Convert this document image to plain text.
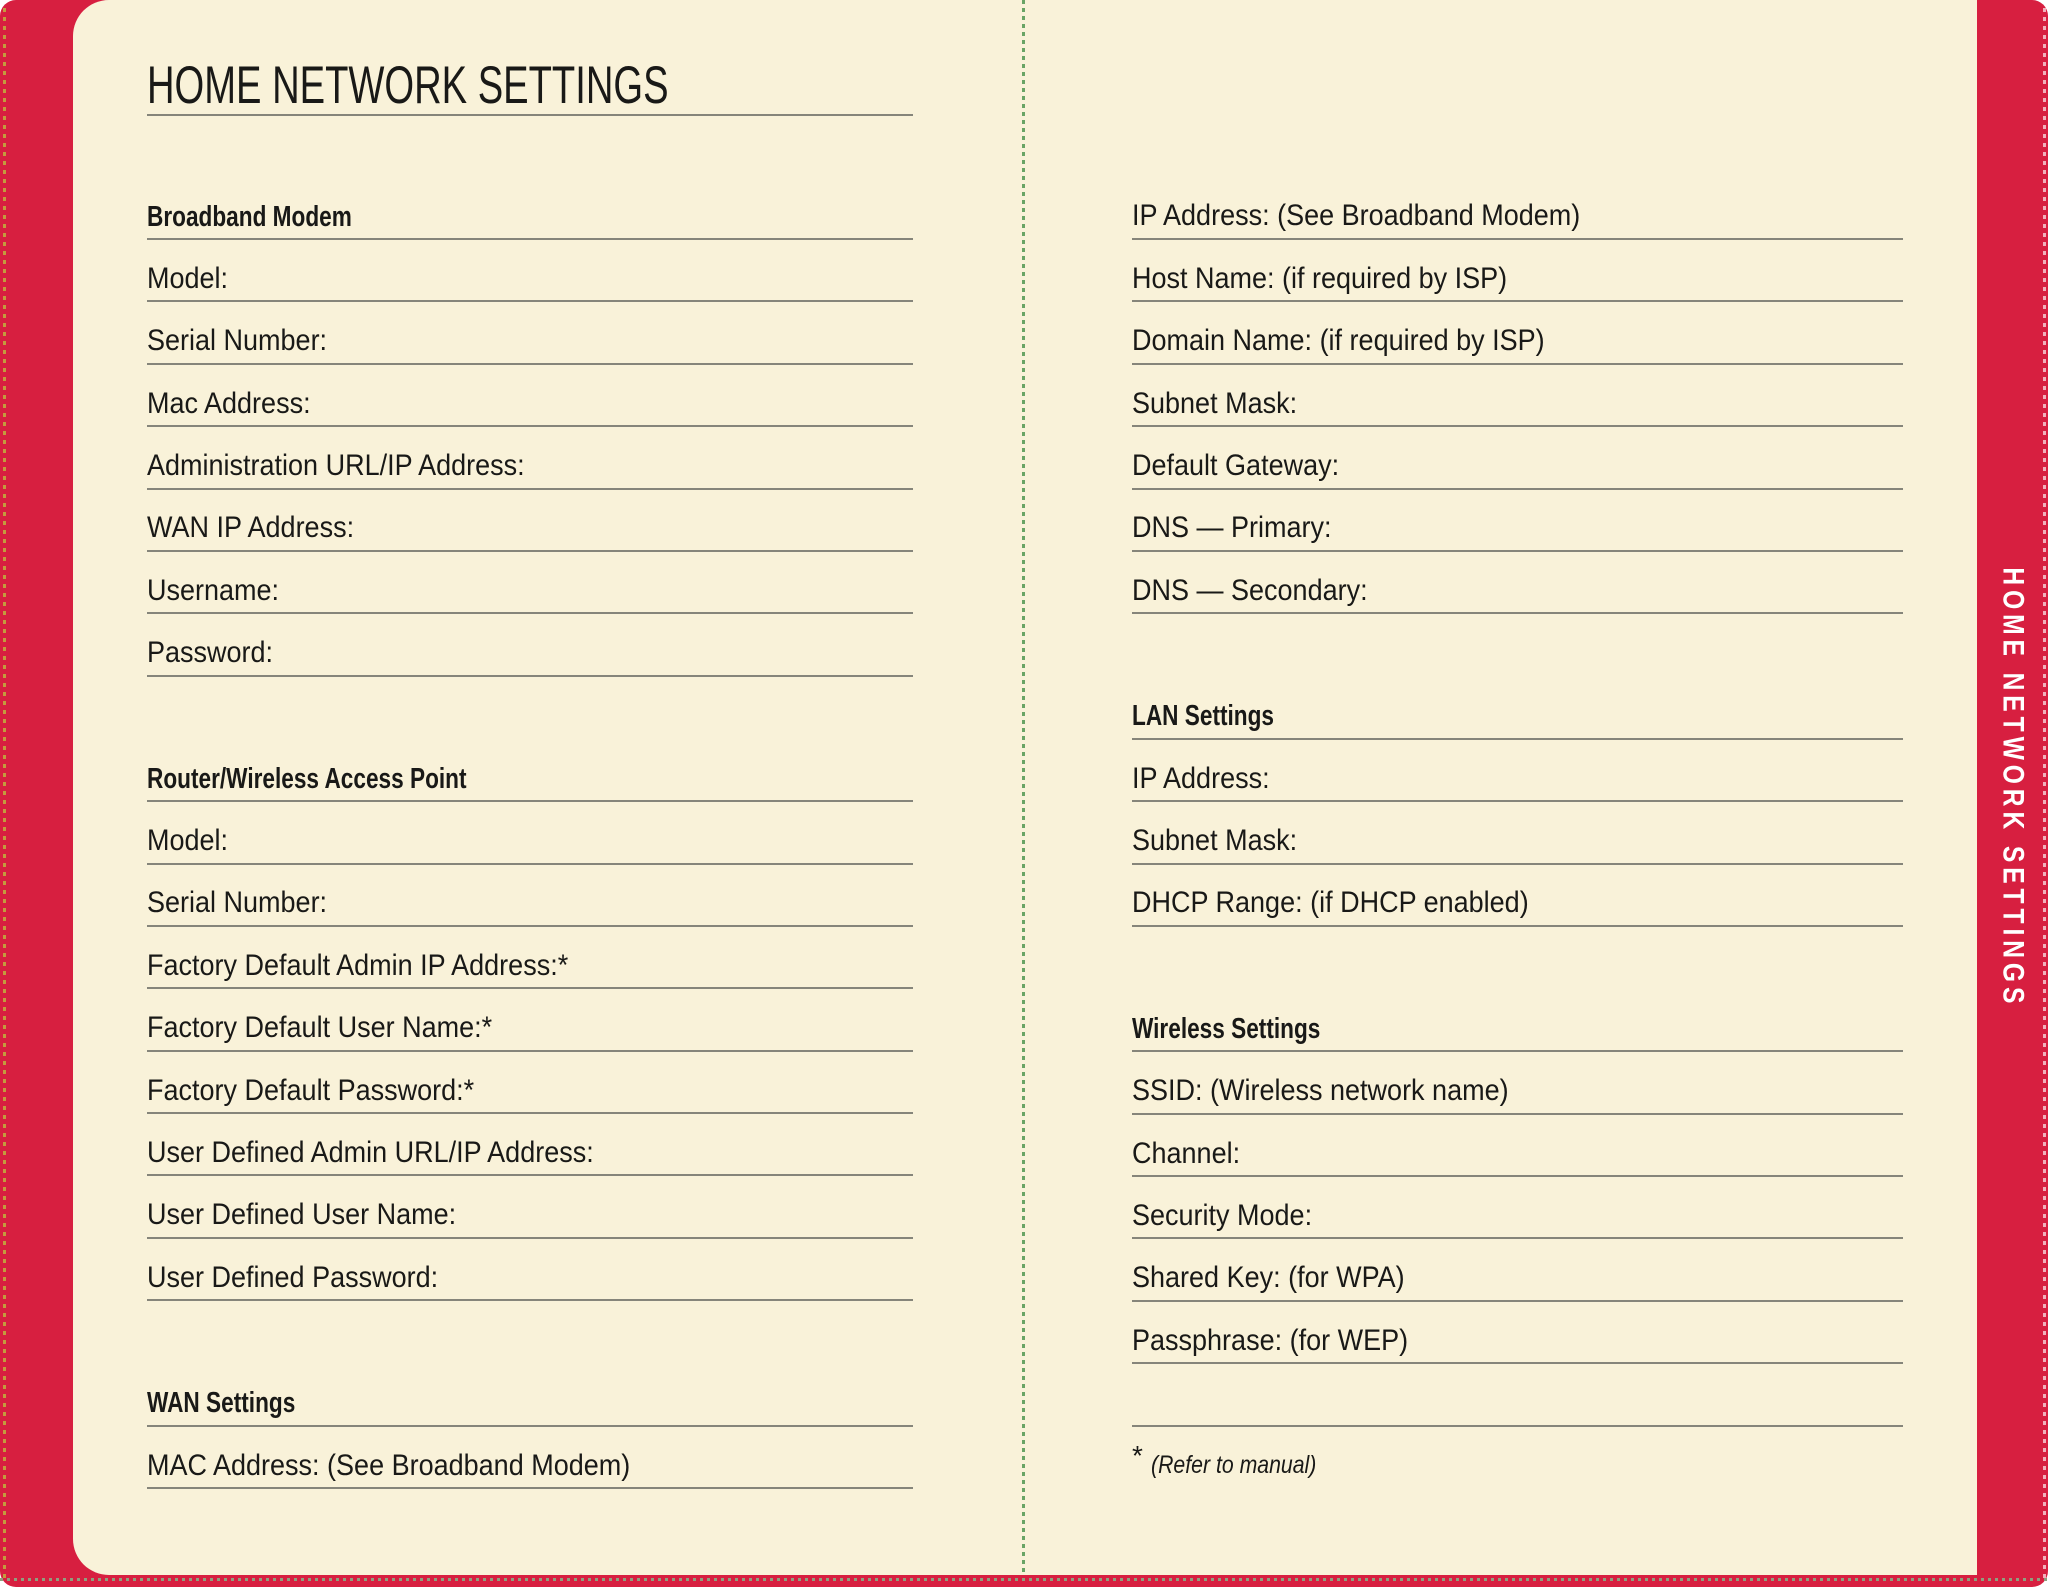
HOME NETWORK SETTINGS
Broadband Modem
Model:
Serial Number:
Mac Address:
Administration URL/IP Address:
WAN IP Address:
Username:
Password:
Router/Wireless Access Point
Model:
Serial Number:
Factory Default Admin IP Address:*
Factory Default User Name:*
Factory Default Password:*
User Defined Admin URL/IP Address:
User Defined User Name:
User Defined Password:
WAN Settings
MAC Address: (See Broadband Modem)
IP Address: (See Broadband Modem)
Host Name: (if required by ISP)
Domain Name: (if required by ISP)
Subnet Mask:
Default Gateway:
DNS — Primary:
DNS — Secondary:
LAN Settings
IP Address:
Subnet Mask:
DHCP Range: (if DHCP enabled)
Wireless Settings
SSID: (Wireless network name)
Channel:
Security Mode:
Shared Key: (for WPA)
Passphrase: (for WEP)
* (Refer to manual)
HOME NETWORK SETTINGS
